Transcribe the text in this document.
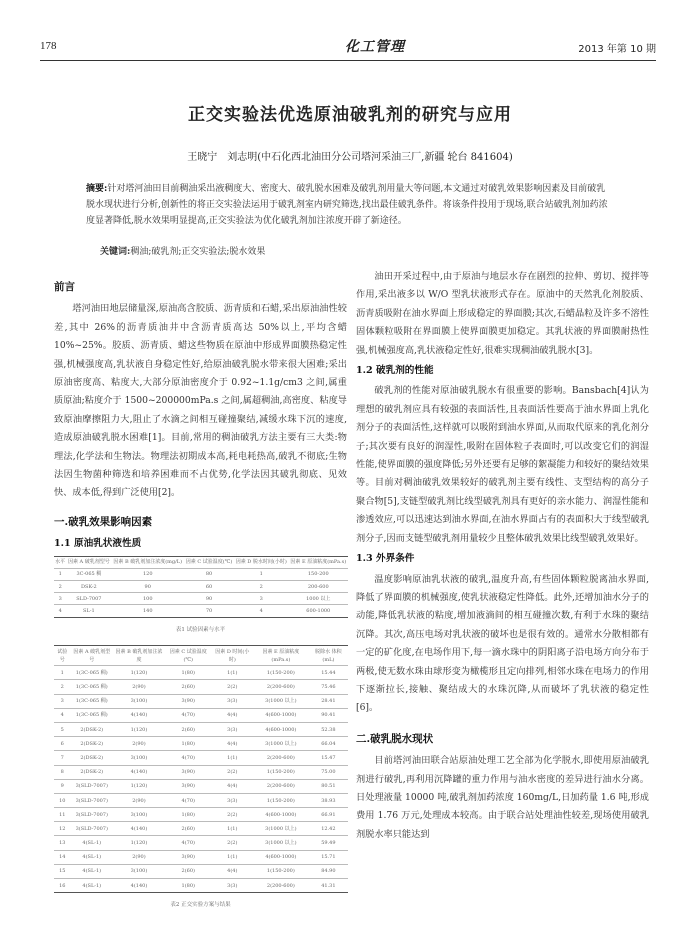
178	化工管理	2013 年第 10 期
正交实验法优选原油破乳剂的研究与应用
王晓宁　刘志明(中石化西北油田分公司塔河采油三厂,新疆 轮台 841604)
摘要:针对塔河油田目前稠油采出液稠度大、密度大、破乳脱水困难及破乳剂用量大等问题,本文通过对破乳效果影响因素及目前破乳脱水现状进行分析,创新性的将正交实验法运用于破乳剂室内研究筛选,找出最佳破乳条件。将该条件投用于现场,联合站破乳剂加药浓度显著降低,脱水效果明显提高,正交实验法为优化破乳剂加注浓度开辟了新途径。
关键词:稠油;破乳剂;正交实验法;脱水效果
前言

塔河油田地层储量深,原油高含胶质、沥青质和石蜡,采出原油油性较差,其中 26%的沥青质油井中含沥青质高达 50%以上,平均含蜡 10%~25%。胶质、沥青质、蜡这些物质在原油中形成界面膜热稳定性强,机械强度高,乳状液自身稳定性好,给原油破乳脱水带来很大困难;采出原油密度高、粘度大,大部分原油密度介于 0.92~1.1g/cm3 之间,属重质原油;粘度介于 1500~200000mPa.s 之间,属超稠油,高密度、粘度导致原油摩擦阻力大,阻止了水滴之间相互碰撞聚结,减缓水珠下沉的速度,造成原油破乳脱水困难[1]。目前,常用的稠油破乳方法主要有三大类:物理法,化学法和生物法。物理法初期成本高,耗电耗热高,破乳不彻底;生物法因生物菌种筛选和培养困难而不占优势,化学法因其破乳彻底、见效快、成本低,得到广泛使用[2]。

一.破乳效果影响因素
1.1 原油乳状液性质
水平	因素 A 破乳剂型号	因素 B 破乳剂加注浓度(mg/L)	因素 C 试验温度(℃)	因素 D 脱水时间(小时)	因素 E 原油粘度(mPa.s)
1	3C-065 稠	120	80	1	150-200
2	DSK-2	90	60	2	200-600
3	SLD-7007	100	90	3	1000 以上
4	SL-1	140	70	4	600-1000
表1 试验因素与水平
试验号	因素 A 破乳剂型号	因素 B 破乳剂加注浓度	因素 C 试验温度(℃)	因素 D 时间(小时)	因素 E 原油粘度(mPa.s)	脱除水 体积(mL)
1	1(3C-065 稠)	1(120)	1(80)	1(1)	1(150-200)	15.44
2	1(3C-065 稠)	2(90)	2(60)	2(2)	2(200-600)	75.46
3	1(3C-065 稠)	3(100)	3(90)	3(3)	3(1000 以上)	28.41
4	1(3C-065 稠)	4(140)	4(70)	4(4)	4(600-1000)	90.41
5	2(DSK-2)	1(120)	2(60)	3(3)	4(600-1000)	52.38
6	2(DSK-2)	2(90)	1(80)	4(4)	3(1000 以上)	66.04
7	2(DSK-2)	3(100)	4(70)	1(1)	2(200-600)	15.47
8	2(DSK-2)	4(140)	3(90)	2(2)	1(150-200)	75.00
9	3(SLD-7007)	1(120)	3(90)	4(4)	2(200-600)	80.51
10	3(SLD-7007)	2(90)	4(70)	3(3)	1(150-200)	38.93
11	3(SLD-7007)	3(100)	1(80)	2(2)	4(600-1000)	66.91
12	3(SLD-7007)	4(140)	2(60)	1(1)	3(1000 以上)	12.42
13	4(SL-1)	1(120)	4(70)	2(2)	3(1000 以上)	59.49
14	4(SL-1)	2(90)	3(90)	1(1)	4(600-1000)	15.71
15	4(SL-1)	3(100)	2(60)	4(4)	1(150-200)	84.90
16	4(SL-1)	4(140)	1(80)	3(3)	2(200-600)	41.31
表2 正交实验方案与结果

油田开采过程中,由于原油与地层水存在剧烈的拉伸、剪切、搅拌等作用,采出液多以 W/O 型乳状液形式存在。原油中的天然乳化剂胶质、沥青质吸附在油水界面上形成稳定的界面膜;其次,石蜡晶粒及许多不溶性固体颗粒吸附在界面膜上使界面膜更加稳定。其乳状液的界面膜耐热性强,机械强度高,乳状液稳定性好,很难实现稠油破乳脱水[3]。

1.2 破乳剂的性能

破乳剂的性能对原油破乳脱水有很重要的影响。Bansbach[4]认为理想的破乳剂应具有较强的表面活性,且表面活性要高于油水界面上乳化剂分子的表面活性,这样就可以吸附到油水界面,从而取代原来的乳化剂分子;其次要有良好的润湿性,吸附在固体粒子表面时,可以改变它们的润湿性能,使界面膜的强度降低;另外还要有足够的絮凝能力和较好的聚结效果等。目前对稠油破乳效果较好的破乳剂主要有线性、支型结构的高分子聚合物[5],支链型破乳剂比线型破乳剂具有更好的亲水能力、润湿性能和渗透效应,可以迅速达到油水界面,在油水界面占有的表面积大于线型破乳剂分子,因而支链型破乳剂用量较少且整体破乳效果比线型破乳效果好。

1.3 外界条件

温度影响原油乳状液的破乳,温度升高,有些固体颗粒脱离油水界面,降低了界面膜的机械强度,使乳状液稳定性降低。此外,还增加油水分子的动能,降低乳状液的粘度,增加液滴间的相互碰撞次数,有利于水珠的聚结沉降。其次,高压电场对乳状液的破坏也是很有效的。通常水分散相都有一定的矿化度,在电场作用下,每一滴水珠中的阴阳离子沿电场方向分布于两极,使无数水珠由球形变为橄榄形且定向排列,相邻水珠在电场力的作用下逐渐拉长,接触、聚结成大的水珠沉降,从而破坏了乳状液的稳定性[6]。

二.破乳脱水现状

目前塔河油田联合站原油处理工艺全部为化学脱水,即使用原油破乳剂进行破乳,再利用沉降罐的重力作用与油水密度的差异进行油水分离。日处理液量 10000 吨,破乳剂加药浓度 160mg/L,日加药量 1.6 吨,形成费用 1.76 万元,处理成本较高。由于联合站处理油性较差,现场使用破乳剂脱水率只能达到
